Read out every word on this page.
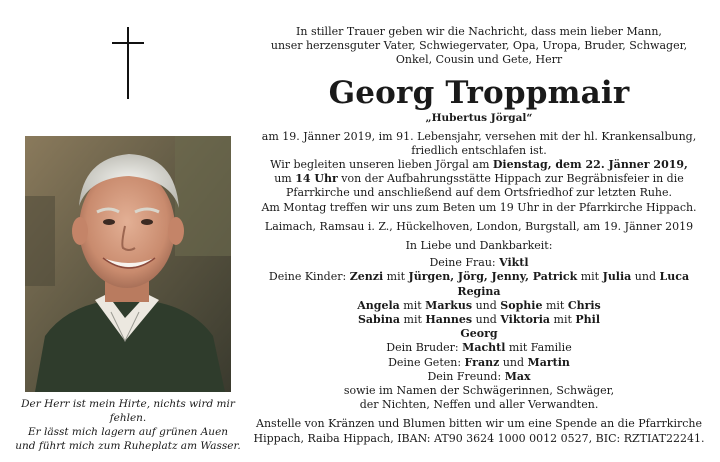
Der Herr ist mein Hirte, nichts wird mir fehlen.
Er lässt mich lagern auf grünen Auen
und führt mich zum Ruheplatz am Wasser.

In stiller Trauer geben wir die Nachricht, dass mein lieber Mann,

unser herzensguter Vater, Schwiegervater, Opa, Uropa, Bruder, Schwager,

Onkel, Cousin und Gete, Herr

Georg Troppmair

„Hubertus Jörgal“

am 19. Jänner 2019, im 91. Lebensjahr, versehen mit der hl. Krankensalbung,

friedlich entschlafen ist.

Wir begleiten unseren lieben Jörgal am Dienstag, dem 22. Jänner 2019,

um 14 Uhr von der Aufbahrungsstätte Hippach zur Begräbnisfeier in die

Pfarrkirche und anschließend auf dem Ortsfriedhof zur letzten Ruhe.

Am Montag treffen wir uns zum Beten um 19 Uhr in der Pfarrkirche Hippach.

Laimach, Ramsau i. Z., Hückelhoven, London, Burgstall, am 19. Jänner 2019

In Liebe und Dankbarkeit:

Deine Frau: Viktl

Deine Kinder: Zenzi mit Jürgen, Jörg, Jenny, Patrick mit Julia und Luca

Regina

Angela mit Markus und Sophie mit Chris

Sabina mit Hannes und Viktoria mit Phil

Georg

Dein Bruder: Machtl mit Familie

Deine Geten: Franz und Martin

Dein Freund: Max

sowie im Namen der Schwägerinnen, Schwäger,

der Nichten, Neffen und aller Verwandten.

Anstelle von Kränzen und Blumen bitten wir um eine Spende an die Pfarrkirche

Hippach, Raiba Hippach, IBAN: AT90 3624 1000 0012 0527, BIC: RZTIAT22241.
